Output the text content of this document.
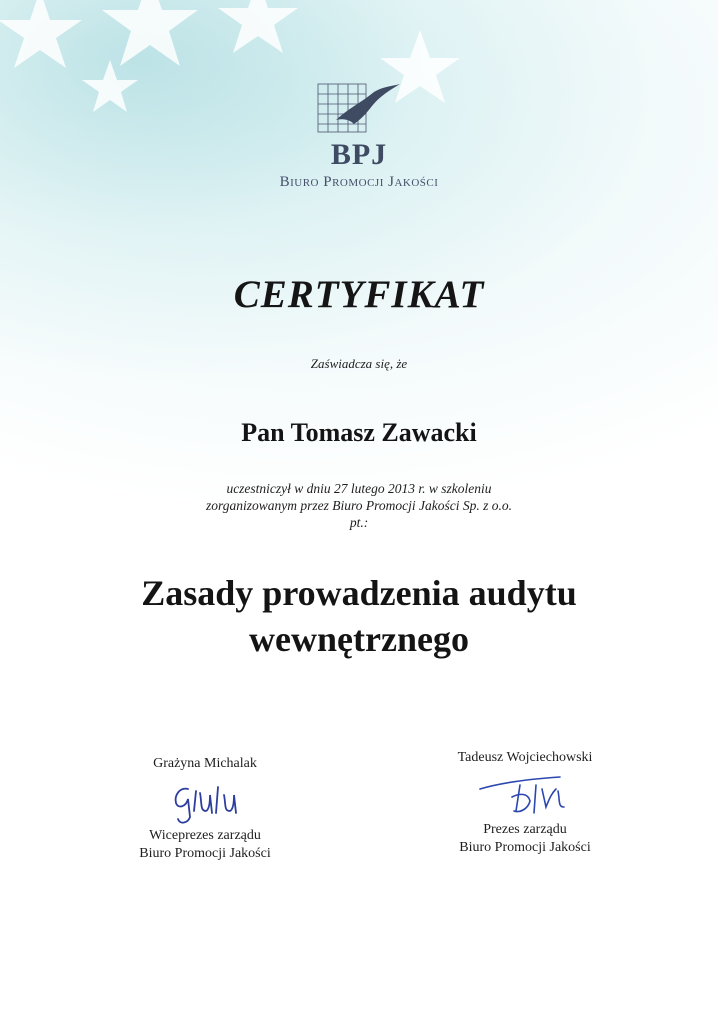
BPJ
Biuro Promocji Jakości
CERTYFIKAT
Zaświadcza się, że
Pan Tomasz Zawacki
uczestniczył w dniu 27 lutego 2013 r. w szkoleniu
zorganizowanym przez Biuro Promocji Jakości Sp. z o.o.
pt.:
Zasady prowadzenia audytu
wewnętrznego
Grażyna Michalak
Wiceprezes zarządu
Biuro Promocji Jakości
Tadeusz Wojciechowski
Prezes zarządu
Biuro Promocji Jakości
